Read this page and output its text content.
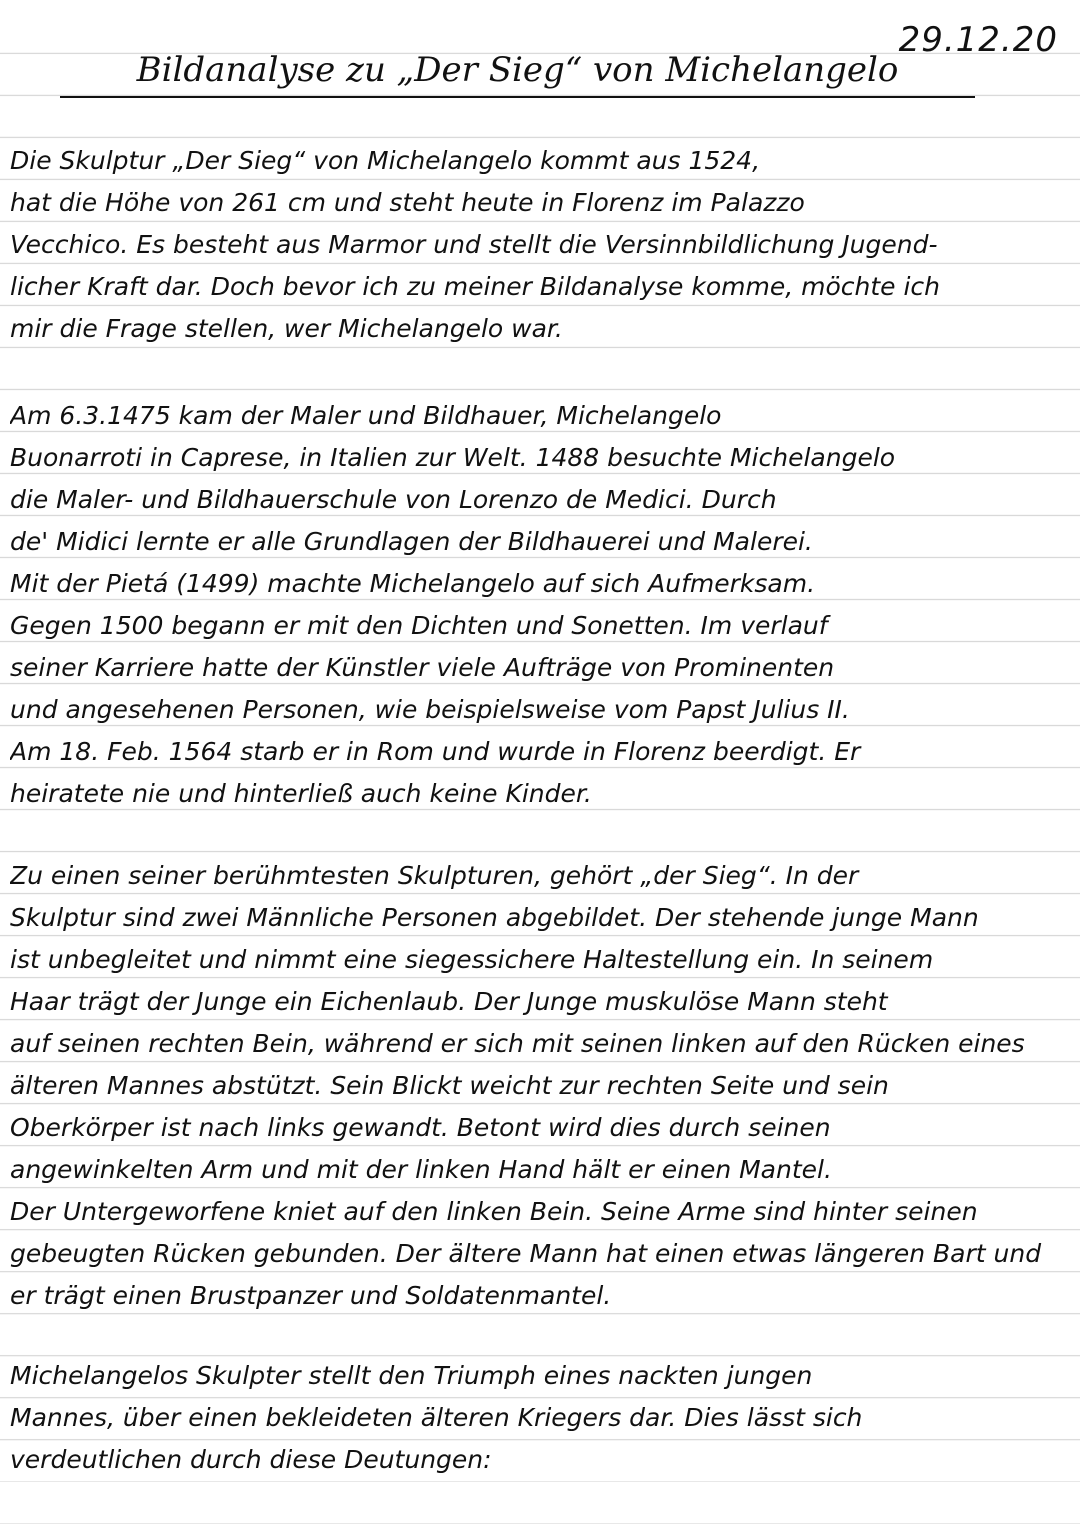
29.12.20
Bildanalyse zu „Der Sieg“ von Michelangelo
Die Skulptur „Der Sieg“ von Michelangelo kommt aus 1524,
hat die Höhe von 261 cm und steht heute in Florenz im Palazzo
Vecchico. Es besteht aus Marmor und stellt die Versinnbildlichung Jugend-
licher Kraft dar. Doch bevor ich zu meiner Bildanalyse komme, möchte ich
mir die Frage stellen, wer Michelangelo war.
Am 6.3.1475 kam der Maler und Bildhauer, Michelangelo
Buonarroti in Caprese, in Italien zur Welt. 1488 besuchte Michelangelo
die Maler- und Bildhauerschule von Lorenzo de Medici. Durch
de' Midici lernte er alle Grundlagen der Bildhauerei und Malerei.
Mit der Pietá (1499) machte Michelangelo auf sich Aufmerksam.
Gegen 1500 begann er mit den Dichten und Sonetten. Im verlauf
seiner Karriere hatte der Künstler viele Aufträge von Prominenten
und angesehenen Personen, wie beispielsweise vom Papst Julius II.
Am 18. Feb. 1564 starb er in Rom und wurde in Florenz beerdigt. Er
heiratete nie und hinterließ auch keine Kinder.
Zu einen seiner berühmtesten Skulpturen, gehört „der Sieg“. In der
Skulptur sind zwei Männliche Personen abgebildet. Der stehende junge Mann
ist unbegleitet und nimmt eine siegessichere Haltestellung ein. In seinem
Haar trägt der Junge ein Eichenlaub. Der Junge muskulöse Mann steht
auf seinen rechten Bein, während er sich mit seinen linken auf den Rücken eines
älteren Mannes abstützt. Sein Blickt weicht zur rechten Seite und sein
Oberkörper ist nach links gewandt. Betont wird dies durch seinen
angewinkelten Arm und mit der linken Hand hält er einen Mantel.
Der Untergeworfene kniet auf den linken Bein. Seine Arme sind hinter seinen
gebeugten Rücken gebunden. Der ältere Mann hat einen etwas längeren Bart und
er trägt einen Brustpanzer und Soldatenmantel.
Michelangelos Skulpter stellt den Triumph eines nackten jungen
Mannes, über einen bekleideten älteren Kriegers dar. Dies lässt sich
verdeutlichen durch diese Deutungen:
